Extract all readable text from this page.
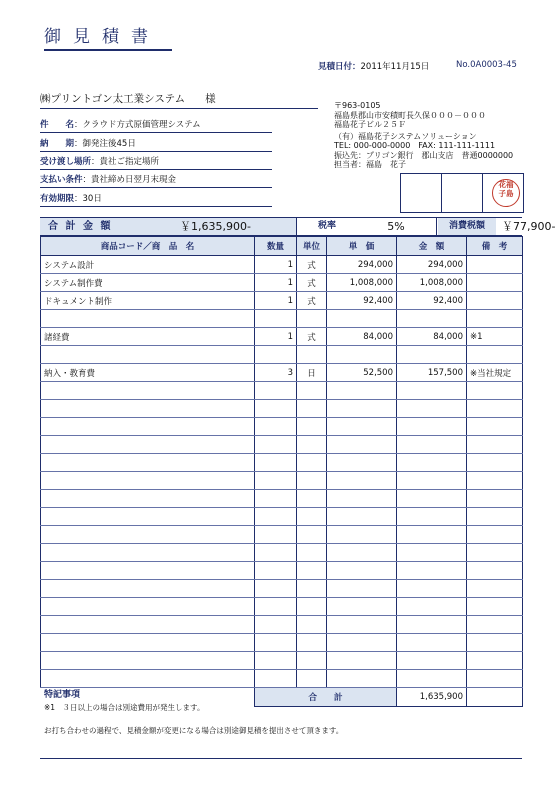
御見積書
見積日付：2011年11月15日	No.0A0003-45
㈱プリントゴン太工業システム 様
件　　名：クラウド方式原価管理システム
納　　期：御発注後45日
受け渡し場所：貴社ご指定場所
支払い条件：貴社締め日翌月末現金
有効期限：30日
〒963-0105
福島県郡山市安積町長久保０００－０００
福島花子ビル２５Ｆ
（有）福島花子システムソリューション
TEL: 000-000-0000　FAX: 111-111-1111
振込先：プリゴン銀行　郡山支店　普通0000000
担当者：福島　花子
花福
子島
合 計 金 額	￥1,635,900‐	税率	5%	消費税額	￥77,900‐
商品コード／商　品　名	数量	単位	単　価	金　額	備　考
システム設計	1	式	294,000	294,000	
システム制作費	1	式	1,008,000	1,008,000	
ドキュメント制作	1	式	92,400	92,400	

諸経費	1	式	84,000	84,000	※1

納入・教育費	3	日	52,500	157,500	※当社規定

	合　　計			1,635,900	
特記事項
※1　３日以上の場合は別途費用が発生します。
お打ち合わせの過程で、見積金額が変更になる場合は別途御見積を提出させて頂きます。
